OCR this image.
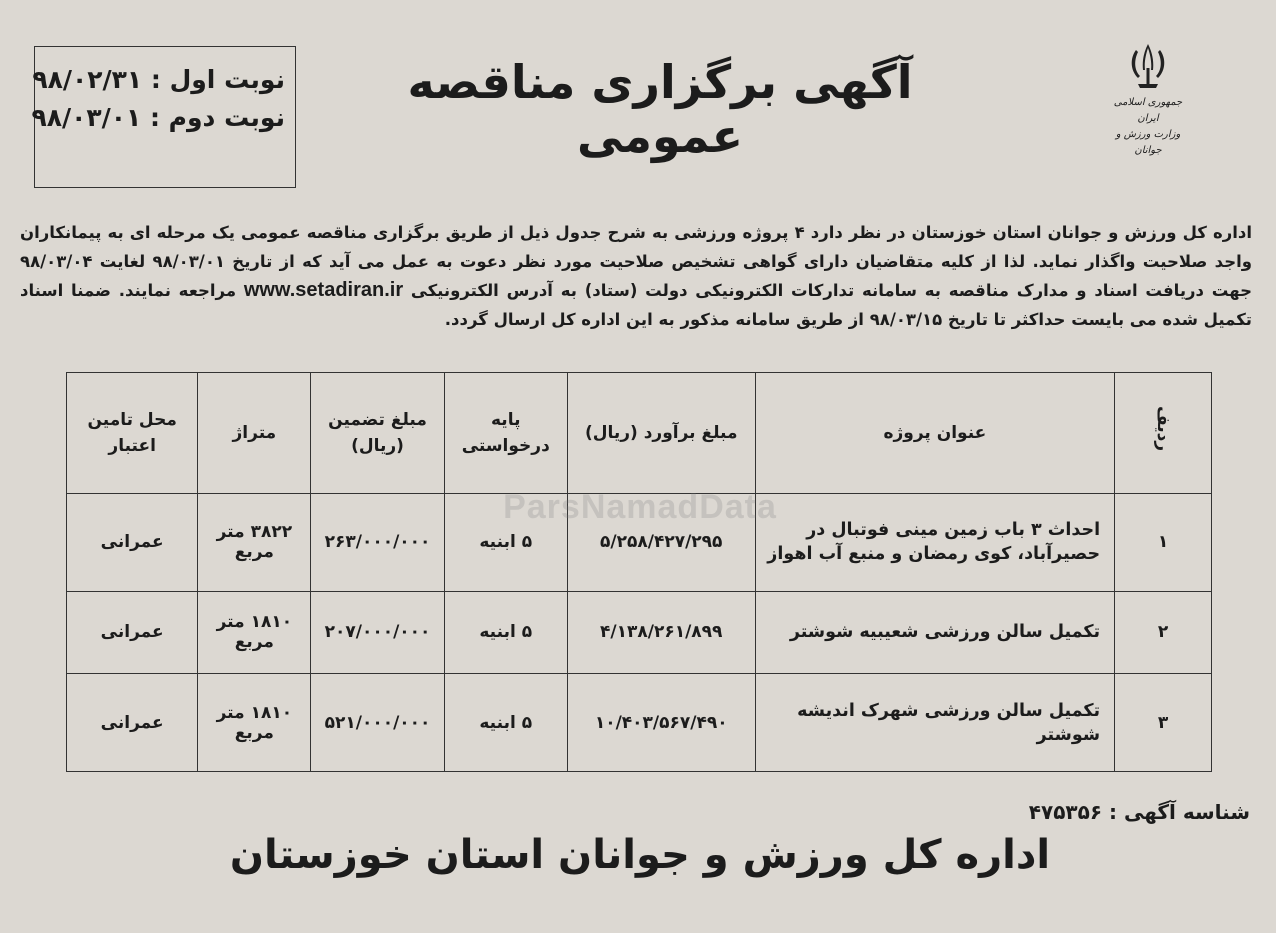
نوبت اول : ۹۸/۰۲/۳۱
نوبت دوم : ۹۸/۰۳/۰۱
آگهی برگزاری مناقصه عمومی
جمهوری اسلامی ایران
وزارت ورزش و جوانان
اداره کل ورزش و جوانان استان خوزستان در نظر دارد ۴ پروژه ورزشی به شرح جدول ذیل از طریق برگزاری مناقصه عمومی یک مرحله ای به پیمانکاران واجد صلاحیت واگذار نماید. لذا از کلیه متقاضیان دارای گواهی تشخیص صلاحیت مورد نظر دعوت به عمل می آید که از تاریخ ۹۸/۰۳/۰۱ لغایت ۹۸/۰۳/۰۴ جهت دریافت اسناد و مدارک مناقصه به سامانه تدارکات الکترونیکی دولت (ستاد) به آدرس الکترونیکی www.setadiran.ir مراجعه نمایند. ضمنا اسناد تکمیل شده می بایست حداکثر تا تاریخ ۹۸/۰۳/۱۵ از طریق سامانه مذکور به این اداره کل ارسال گردد.
ردیف	عنوان پروژه	مبلغ برآورد (ریال)	پایه درخواستی	مبلغ تضمین (ریال)	متراژ	محل تامین اعتبار
۱	احداث ۳ باب زمین مینی فوتبال در حصیرآباد، کوی رمضان و منبع آب اهواز	۵/۲۵۸/۴۲۷/۲۹۵	۵ ابنیه	۲۶۳/۰۰۰/۰۰۰	۳۸۲۲ متر مربع	عمرانی
۲	تکمیل سالن ورزشی شعیبیه شوشتر	۴/۱۳۸/۲۶۱/۸۹۹	۵ ابنیه	۲۰۷/۰۰۰/۰۰۰	۱۸۱۰ متر مربع	عمرانی
۳	تکمیل سالن ورزشی شهرک اندیشه شوشتر	۱۰/۴۰۳/۵۶۷/۴۹۰	۵ ابنیه	۵۲۱/۰۰۰/۰۰۰	۱۸۱۰ متر مربع	عمرانی
ParsNamadData
شناسه آگهی : ۴۷۵۳۵۶
اداره کل ورزش و جوانان استان خوزستان
